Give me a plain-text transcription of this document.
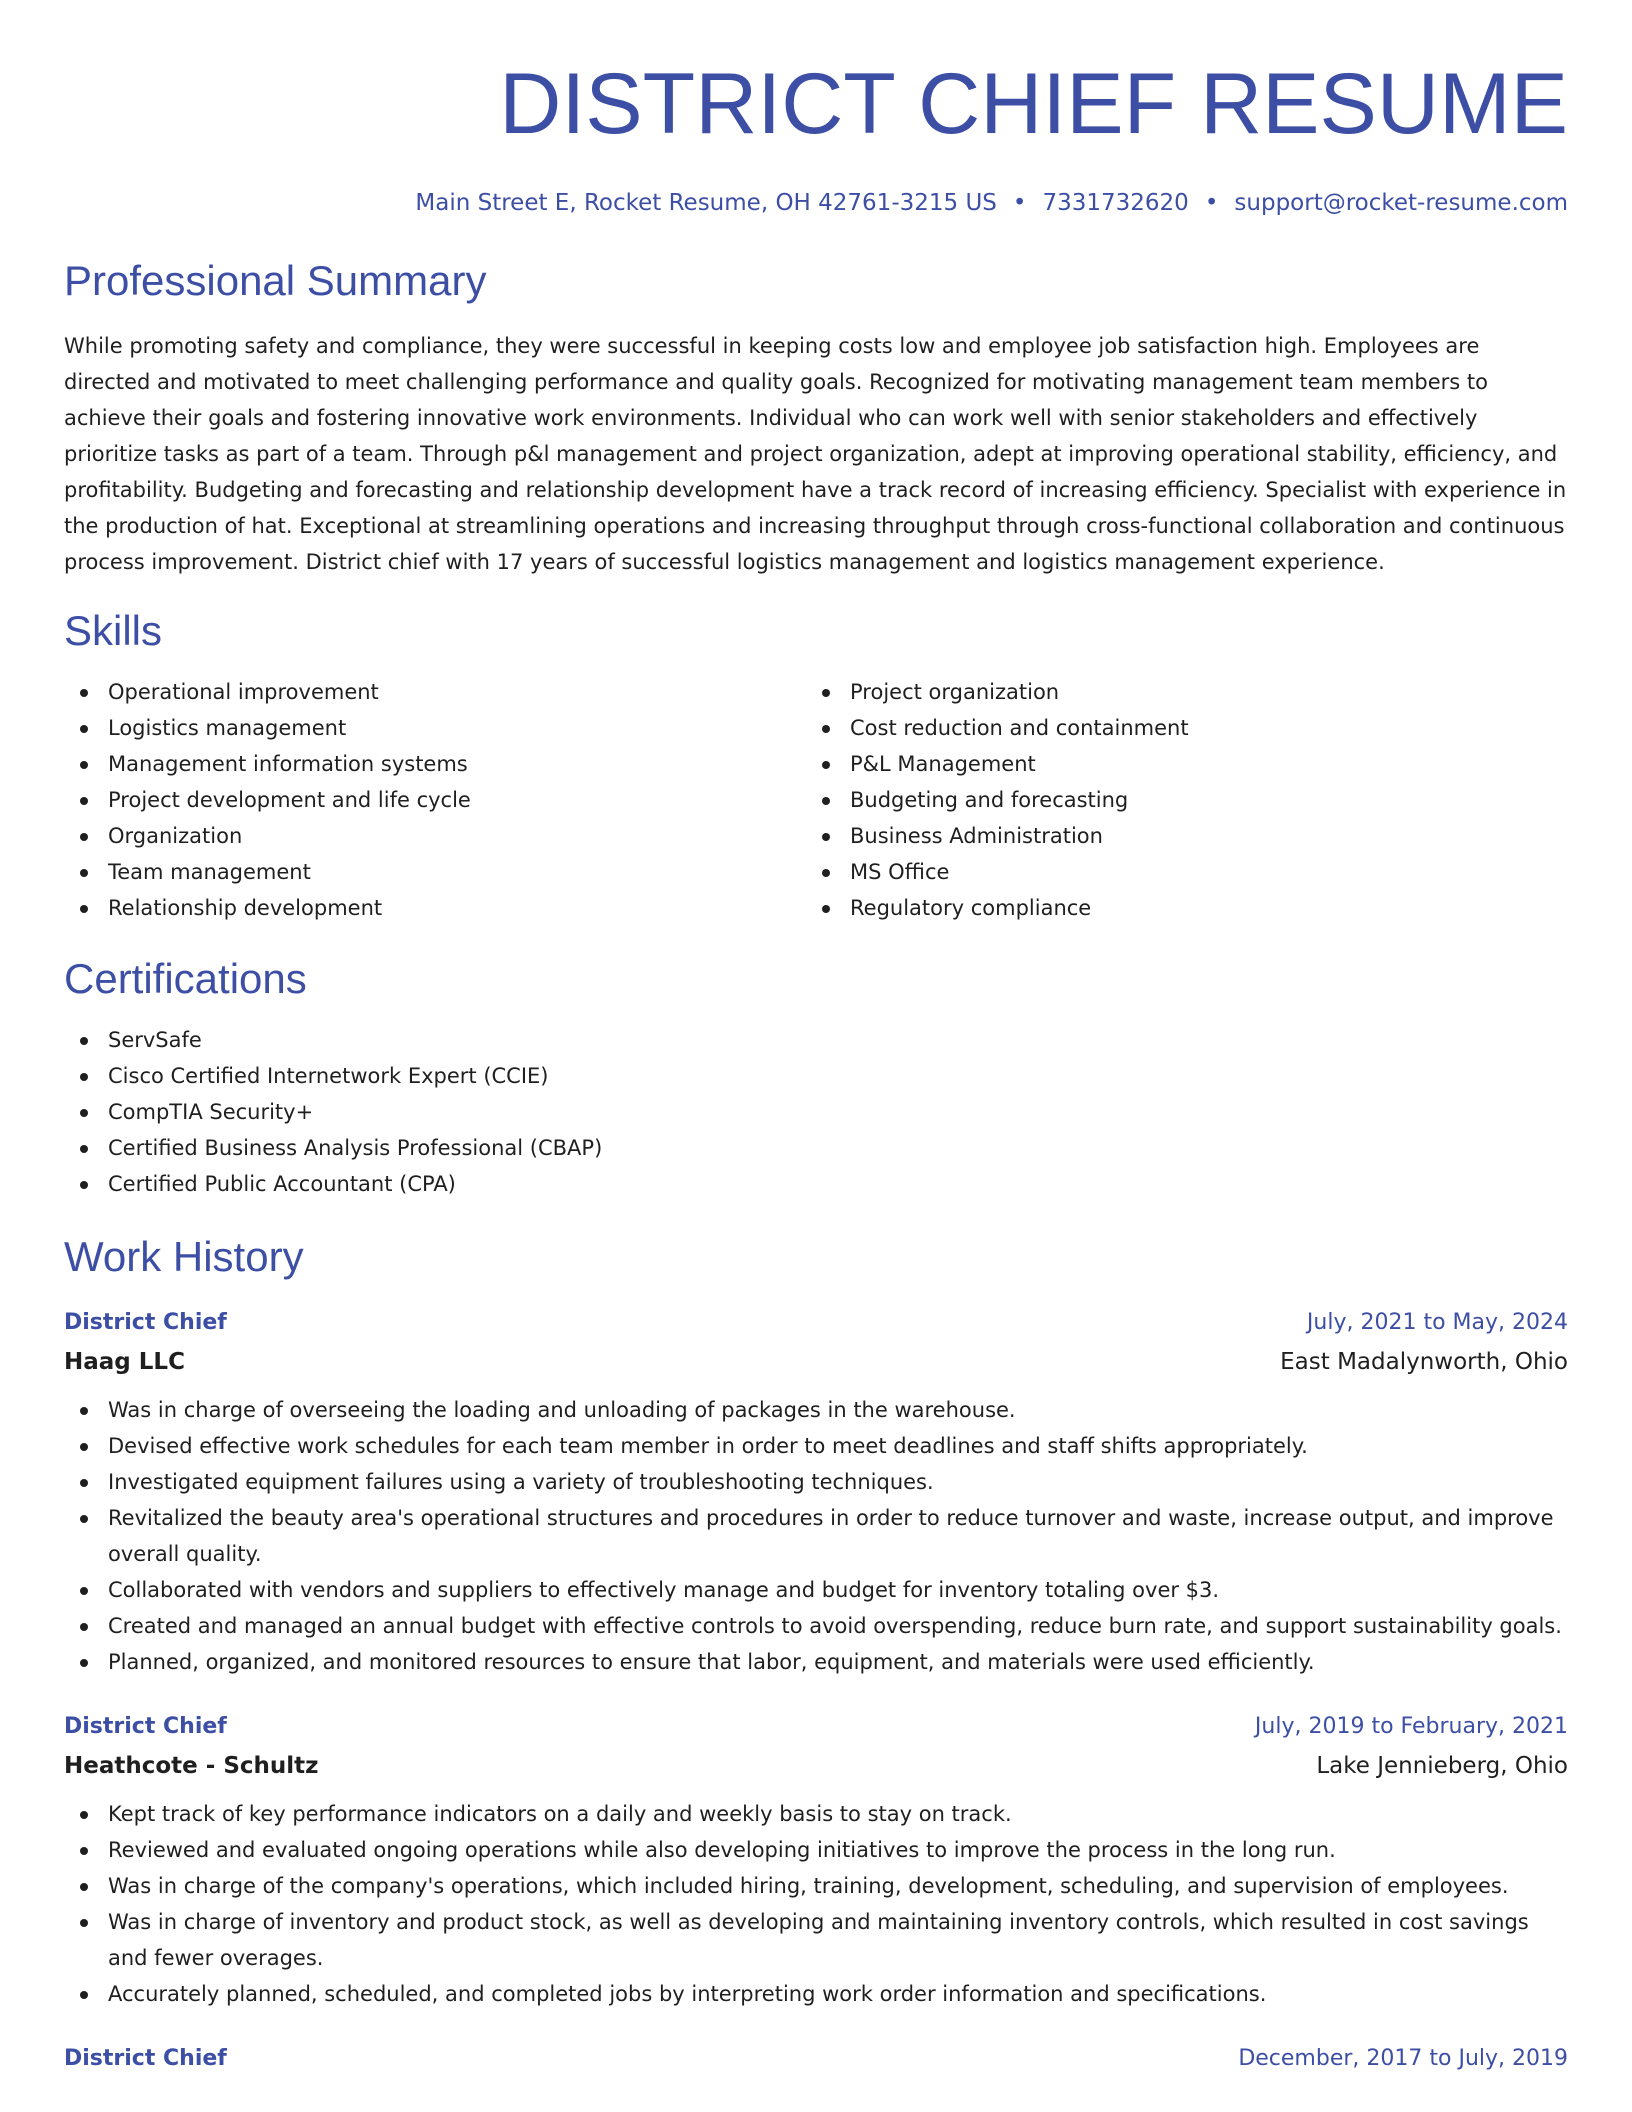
DISTRICT CHIEF RESUME
Main Street E, Rocket Resume, OH 42761-3215 US • 7331732620 • support@rocket-resume.com
Professional Summary

While promoting safety and compliance, they were successful in keeping costs low and employee job satisfaction high. Employees are directed and motivated to meet challenging performance and quality goals. Recognized for motivating management team members to achieve their goals and fostering innovative work environments. Individual who can work well with senior stakeholders and effectively prioritize tasks as part of a team. Through p&l management and project organization, adept at improving operational stability, efficiency, and profitability. Budgeting and forecasting and relationship development have a track record of increasing efficiency. Specialist with experience in the production of hat. Exceptional at streamlining operations and increasing throughput through cross-functional collaboration and continuous process improvement. District chief with 17 years of successful logistics management and logistics management experience.

Skills
Operational improvement
Logistics management
Management information systems
Project development and life cycle
Organization
Team management
Relationship development
Project organization
Cost reduction and containment
P&L Management
Budgeting and forecasting
Business Administration
MS Office
Regulatory compliance
Certifications
ServSafe
Cisco Certified Internetwork Expert (CCIE)
CompTIA Security+
Certified Business Analysis Professional (CBAP)
Certified Public Accountant (CPA)
Work History
District Chief	July, 2021 to May, 2024
Haag LLC	East Madalynworth, Ohio
Was in charge of overseeing the loading and unloading of packages in the warehouse.
Devised effective work schedules for each team member in order to meet deadlines and staff shifts appropriately.
Investigated equipment failures using a variety of troubleshooting techniques.
Revitalized the beauty area's operational structures and procedures in order to reduce turnover and waste, increase output, and improve overall quality.
Collaborated with vendors and suppliers to effectively manage and budget for inventory totaling over $3.
Created and managed an annual budget with effective controls to avoid overspending, reduce burn rate, and support sustainability goals.
Planned, organized, and monitored resources to ensure that labor, equipment, and materials were used efficiently.
District Chief	July, 2019 to February, 2021
Heathcote - Schultz	Lake Jennieberg, Ohio
Kept track of key performance indicators on a daily and weekly basis to stay on track.
Reviewed and evaluated ongoing operations while also developing initiatives to improve the process in the long run.
Was in charge of the company's operations, which included hiring, training, development, scheduling, and supervision of employees.
Was in charge of inventory and product stock, as well as developing and maintaining inventory controls, which resulted in cost savings and fewer overages.
Accurately planned, scheduled, and completed jobs by interpreting work order information and specifications.
District Chief	December, 2017 to July, 2019
